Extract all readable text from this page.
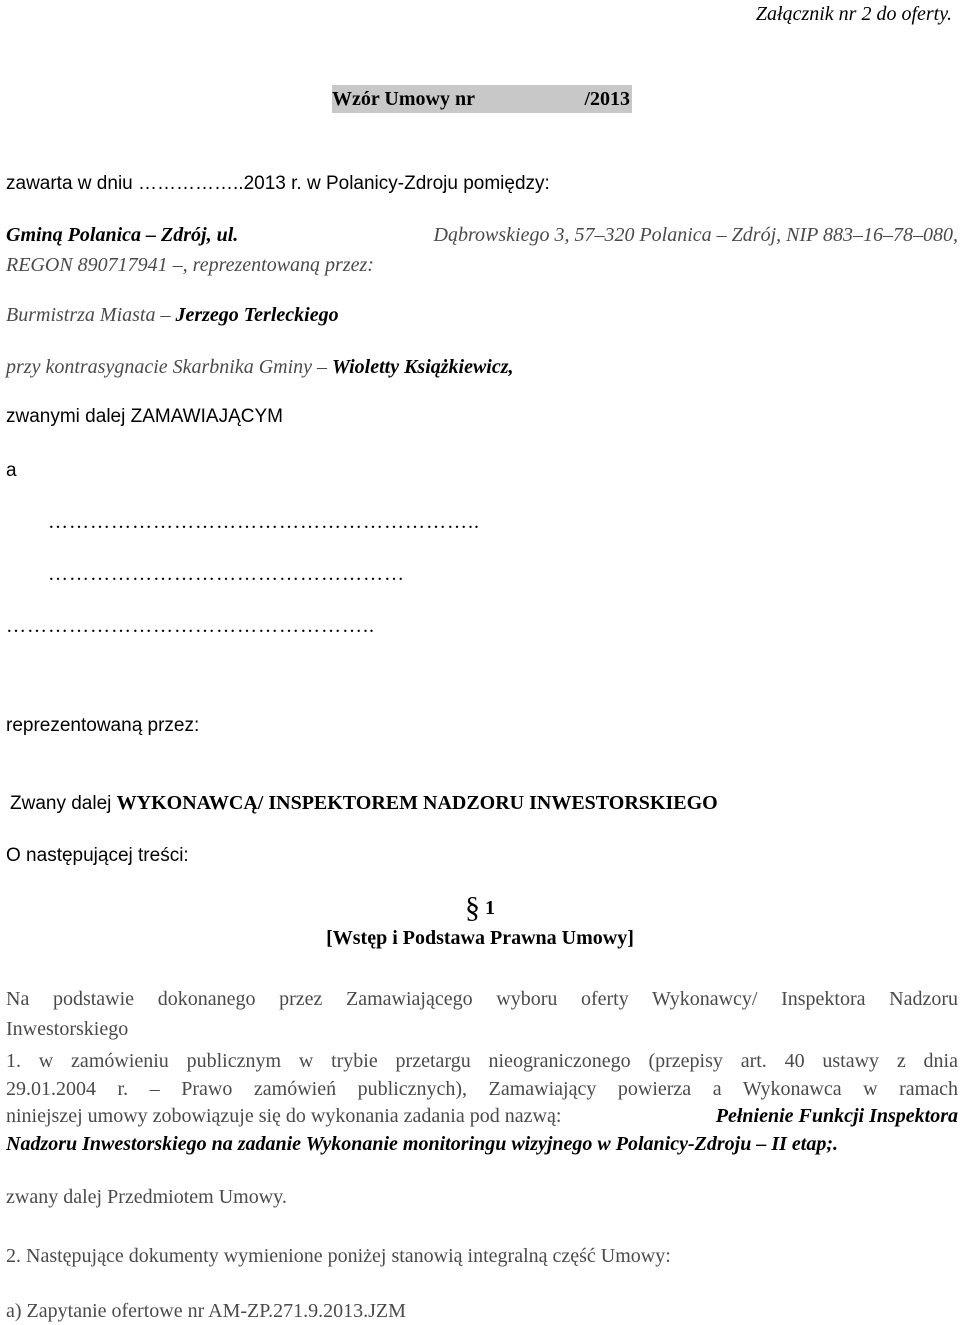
Załącznik nr 2 do oferty.
Wzór Umowy nr	/2013
zawarta w dniu ……………..2013 r. w Polanicy-Zdroju pomiędzy:
Gminą Polanica – Zdrój, ul.	Dąbrowskiego 3, 57–320 Polanica – Zdrój, NIP 883–16–78–080,
REGON 890717941 –, reprezentowaną przez:
Burmistrza Miasta – Jerzego Terleckiego
przy kontrasygnacie Skarbnika Gminy – Wioletty Książkiewicz,
zwanymi dalej ZAMAWIAJĄCYM
a
……………………………………………………..
……………………………………………
……………………………………………..
reprezentowaną przez:
Zwany dalej WYKONAWCĄ/ INSPEKTOREM NADZORU INWESTORSKIEGO
O następującej treści:
§ 1
[Wstęp i Podstawa Prawna Umowy]
Na podstawie dokonanego przez Zamawiającego wyboru oferty Wykonawcy/ Inspektora Nadzoru
Inwestorskiego
1. w zamówieniu publicznym w trybie przetargu nieograniczonego (przepisy art. 40 ustawy z dnia
29.01.2004 r. – Prawo zamówień publicznych), Zamawiający powierza a Wykonawca w ramach
niniejszej umowy zobowiązuje się do wykonania zadania pod nazwą:	Pełnienie Funkcji Inspektora
Nadzoru Inwestorskiego na zadanie Wykonanie monitoringu wizyjnego w Polanicy-Zdroju – II etap;.
zwany dalej Przedmiotem Umowy.
2. Następujące dokumenty wymienione poniżej stanowią integralną część Umowy:
a) Zapytanie ofertowe nr AM-ZP.271.9.2013.JZM
